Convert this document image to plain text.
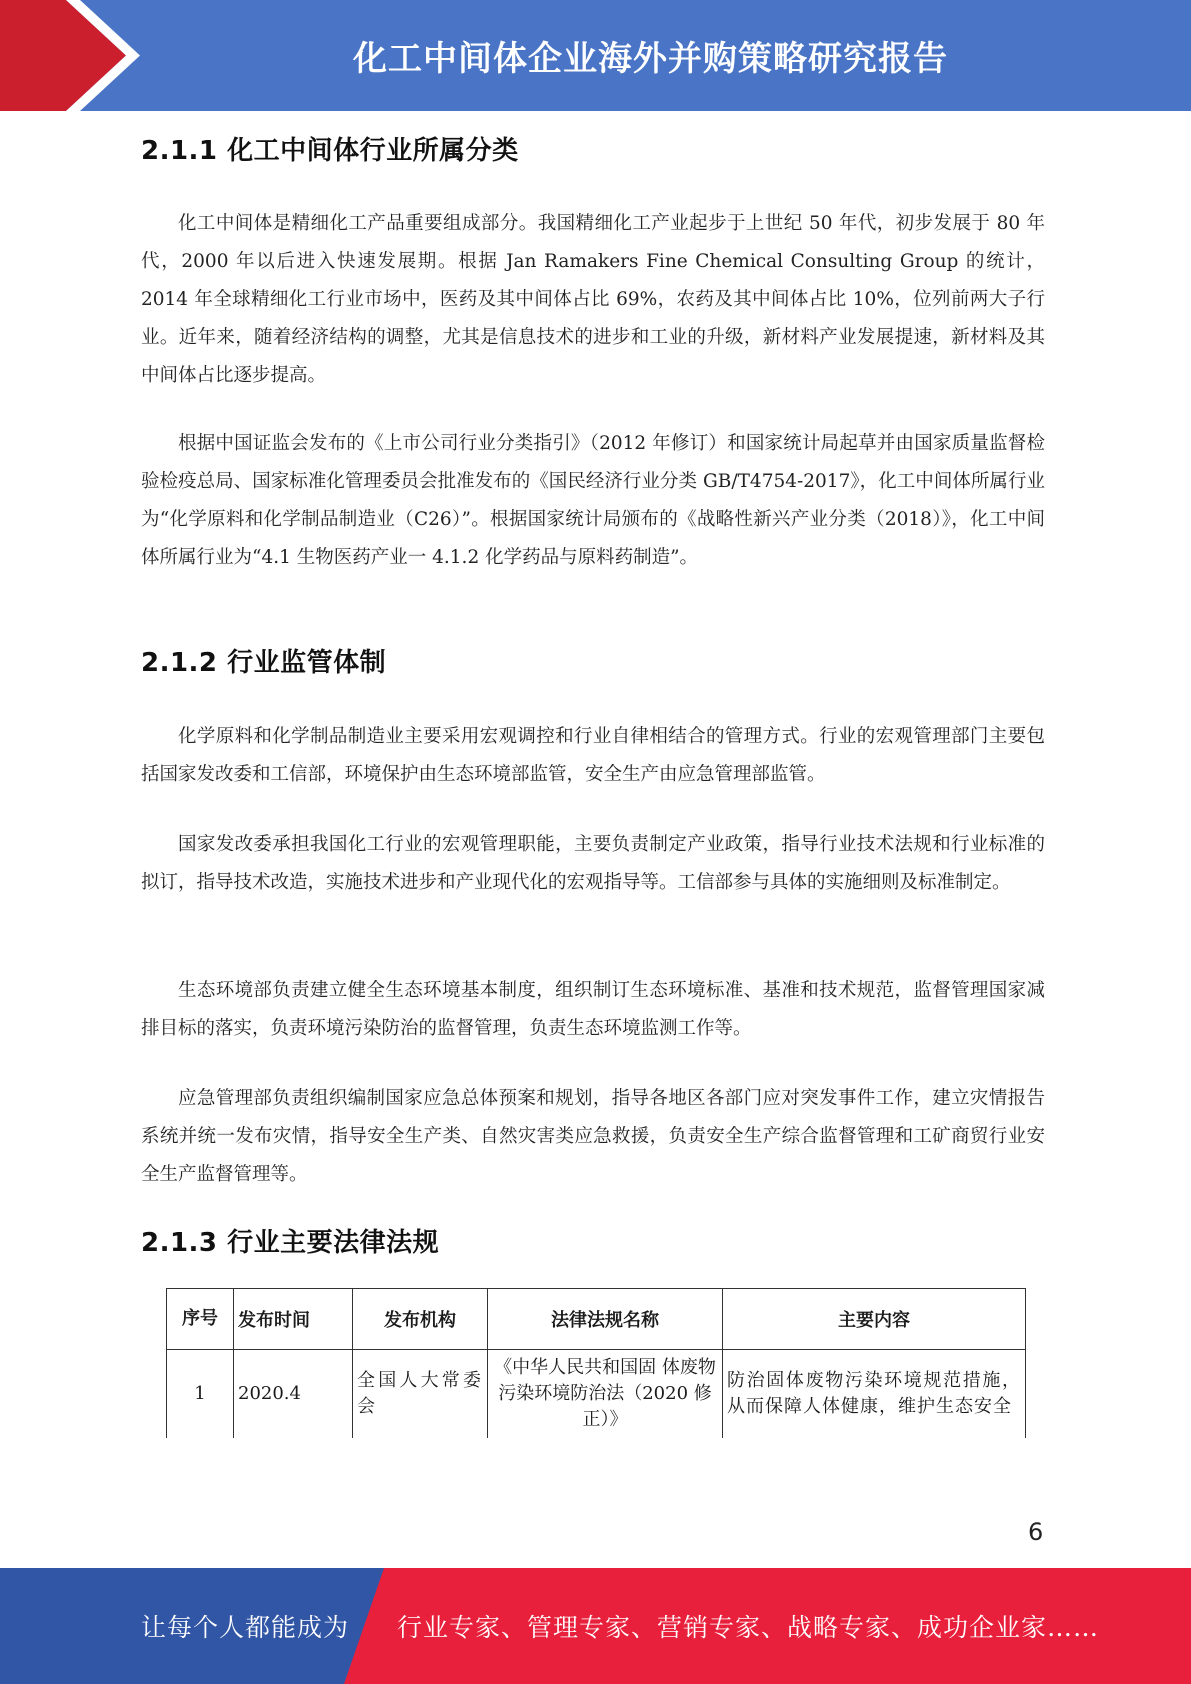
化工中间体企业海外并购策略研究报告
2.1.1 化工中间体行业所属分类

化工中间体是精细化工产品重要组成部分。我国精细化工产业起步于上世纪 50 年代，初步发展于 80 年代，2000 年以后进入快速发展期。根据 Jan Ramakers Fine Chemical Consulting Group 的统计，2014 年全球精细化工行业市场中，医药及其中间体占比 69%，农药及其中间体占比 10%，位列前两大子行业。近年来，随着经济结构的调整，尤其是信息技术的进步和工业的升级，新材料产业发展提速，新材料及其中间体占比逐步提高。

根据中国证监会发布的《上市公司行业分类指引》（2012 年修订）和国家统计局起草并由国家质量监督检验检疫总局、国家标准化管理委员会批准发布的《国民经济行业分类 GB/T4754-2017》，化工中间体所属行业为“化学原料和化学制品制造业（C26）”。根据国家统计局颁布的《战略性新兴产业分类（2018）》，化工中间体所属行业为“4.1 生物医药产业一 4.1.2 化学药品与原料药制造”。

2.1.2 行业监管体制

化学原料和化学制品制造业主要采用宏观调控和行业自律相结合的管理方式。行业的宏观管理部门主要包括国家发改委和工信部，环境保护由生态环境部监管，安全生产由应急管理部监管。

国家发改委承担我国化工行业的宏观管理职能，主要负责制定产业政策，指导行业技术法规和行业标准的拟订，指导技术改造，实施技术进步和产业现代化的宏观指导等。工信部参与具体的实施细则及标准制定。

生态环境部负责建立健全生态环境基本制度，组织制订生态环境标准、基准和技术规范，监督管理国家减排目标的落实，负责环境污染防治的监督管理，负责生态环境监测工作等。

应急管理部负责组织编制国家应急总体预案和规划，指导各地区各部门应对突发事件工作，建立灾情报告系统并统一发布灾情，指导安全生产类、自然灾害类应急救援，负责安全生产综合监督管理和工矿商贸行业安全生产监督管理等。

2.1.3 行业主要法律法规
序号	发布时间	发布机构	法律法规名称	主要内容
1	2020.4	全国人大常委会	《中华人民共和国固 体废物污染环境防治法（2020 修正）》	防治固体废物污染环境规范措施， 从而保障人体健康，维护生态安全
6
让每个人都能成为 行业专家、管理专家、营销专家、战略专家、成功企业家……
